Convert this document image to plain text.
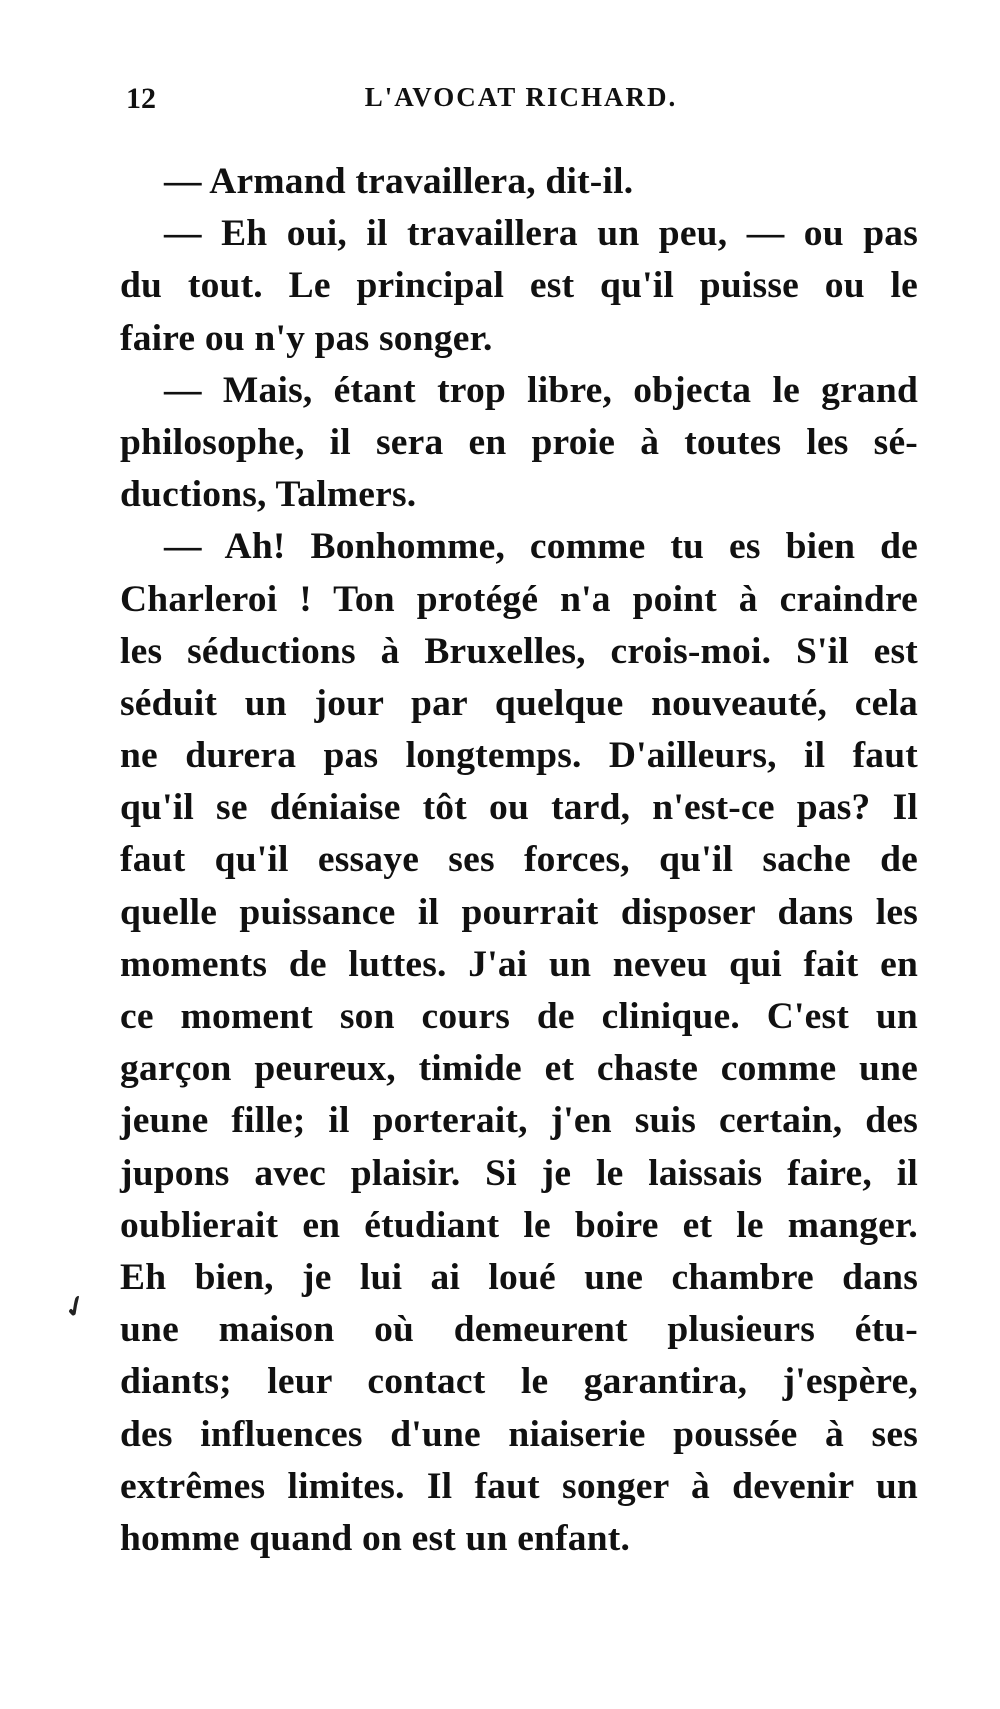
12	L'AVOCAT RICHARD.
✓
— Armand travaillera, dit-il.
— Eh oui, il travaillera un peu, — ou pas
du tout. Le principal est qu'il puisse ou le
faire ou n'y pas songer.
— Mais, étant trop libre, objecta le grand
philosophe, il sera en proie à toutes les sé-
ductions, Talmers.
— Ah! Bonhomme, comme tu es bien de
Charleroi ! Ton protégé n'a point à craindre
les séductions à Bruxelles, crois-moi. S'il est
séduit un jour par quelque nouveauté, cela
ne durera pas longtemps. D'ailleurs, il faut
qu'il se déniaise tôt ou tard, n'est-ce pas? Il
faut qu'il essaye ses forces, qu'il sache de
quelle puissance il pourrait disposer dans les
moments de luttes. J'ai un neveu qui fait en
ce moment son cours de clinique. C'est un
garçon peureux, timide et chaste comme une
jeune fille; il porterait, j'en suis certain, des
jupons avec plaisir. Si je le laissais faire, il
oublierait en étudiant le boire et le manger.
Eh bien, je lui ai loué une chambre dans
une maison où demeurent plusieurs étu-
diants; leur contact le garantira, j'espère,
des influences d'une niaiserie poussée à ses
extrêmes limites. Il faut songer à devenir un
homme quand on est un enfant.
